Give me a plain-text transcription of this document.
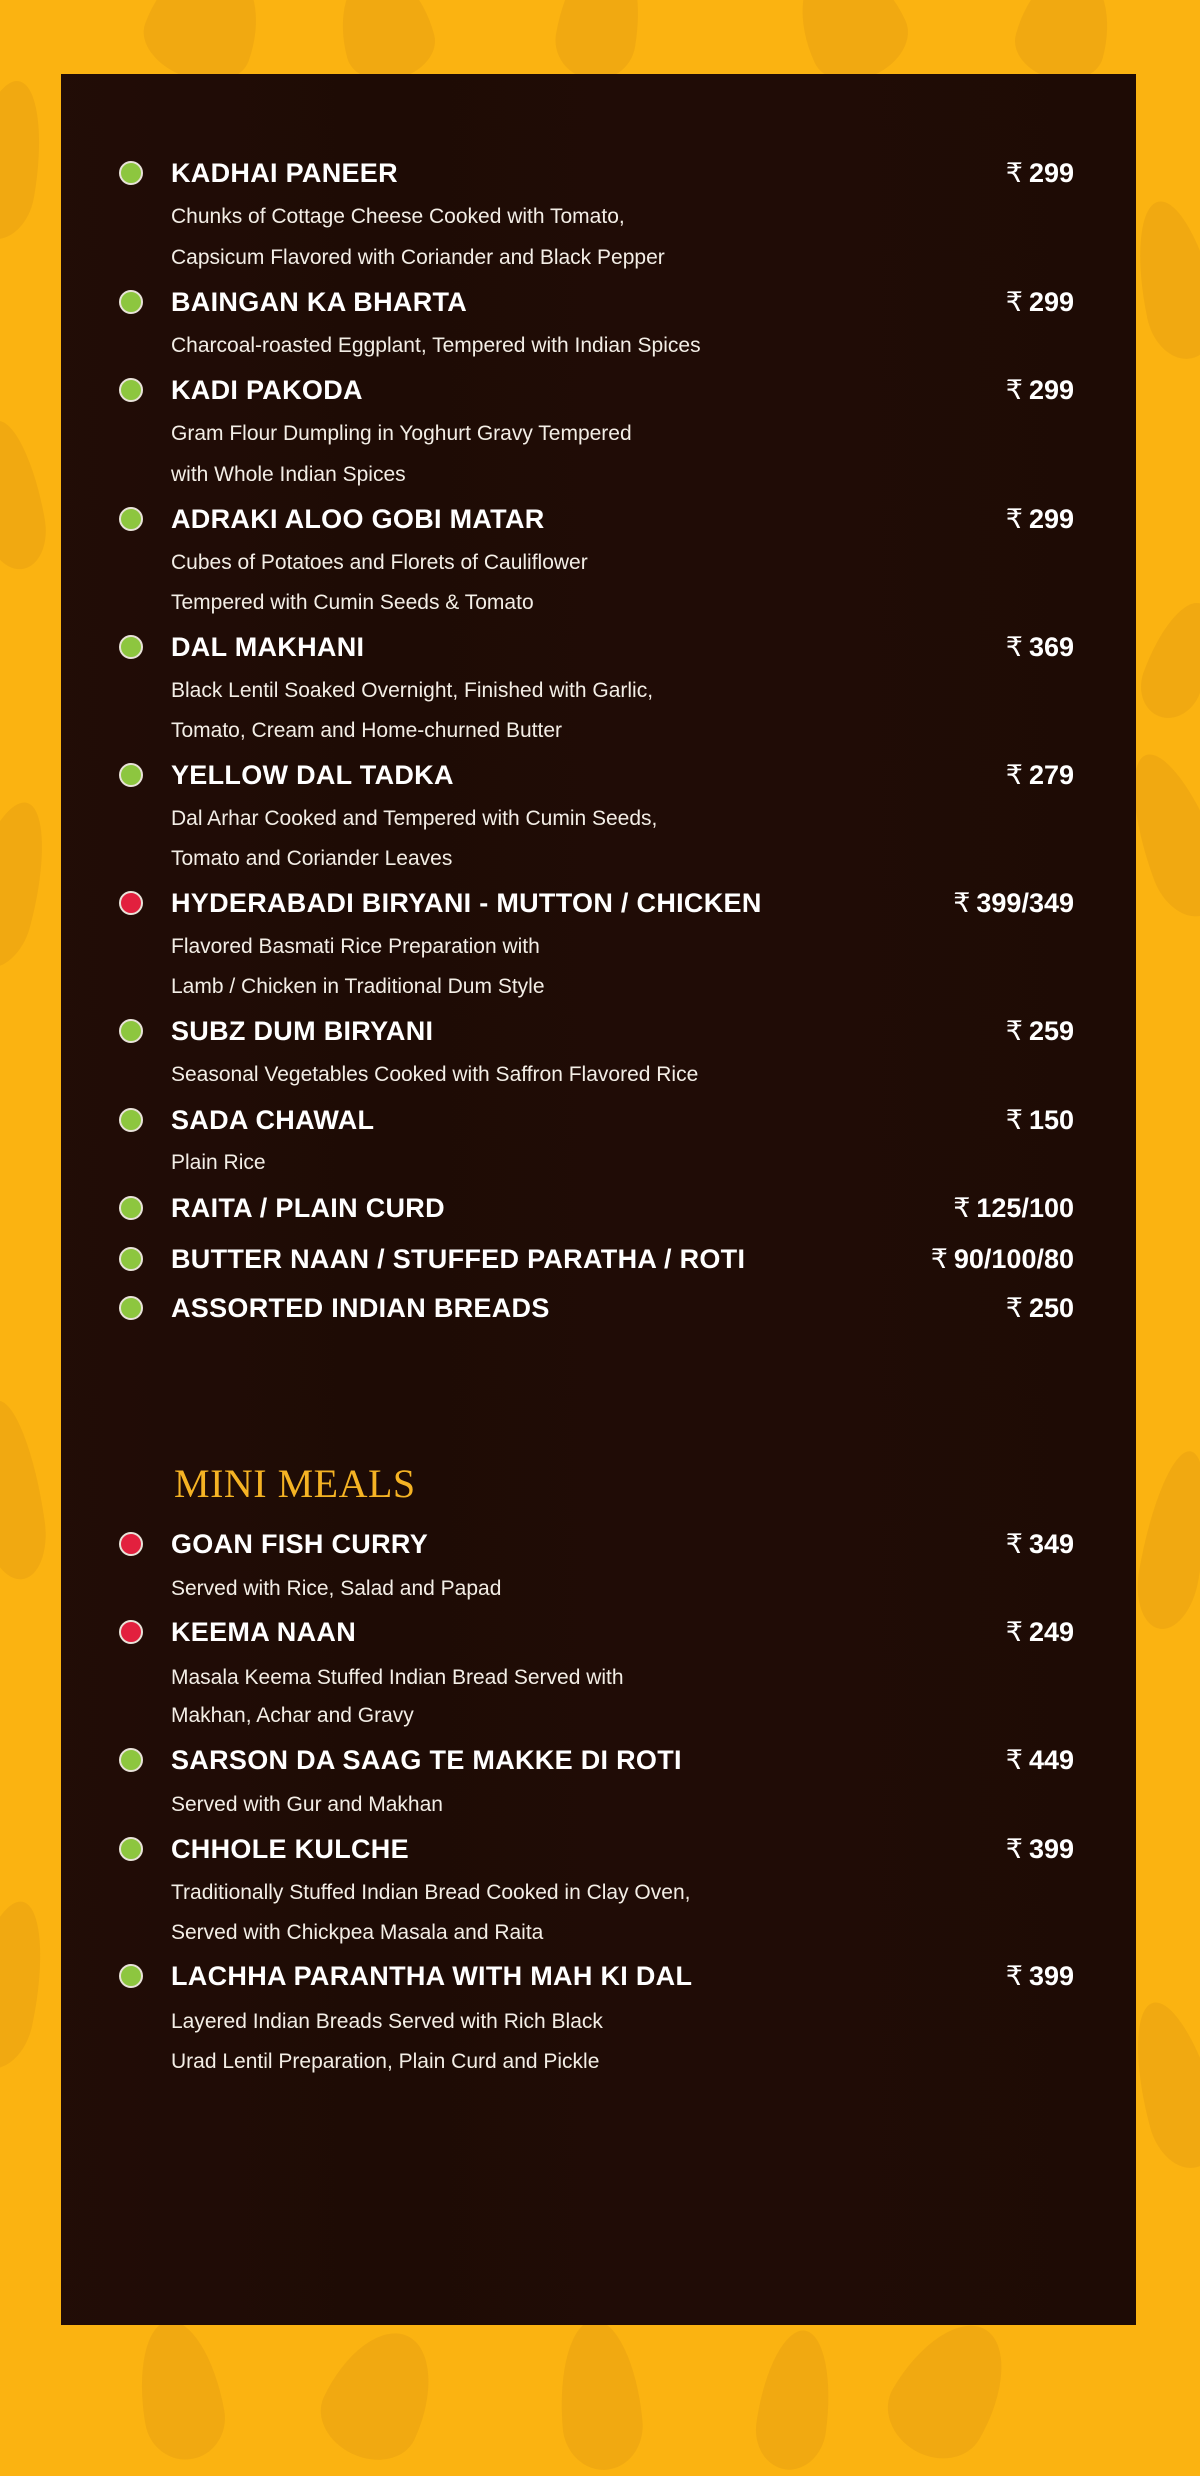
KADHAI PANEER	₹ 299
Chunks of Cottage Cheese Cooked with Tomato,
Capsicum Flavored with Coriander and Black Pepper
BAINGAN KA BHARTA	₹ 299
Charcoal-roasted Eggplant, Tempered with Indian Spices
KADI PAKODA	₹ 299
Gram Flour Dumpling in Yoghurt Gravy Tempered
with Whole Indian Spices
ADRAKI ALOO GOBI MATAR	₹ 299
Cubes of Potatoes and Florets of Cauliflower
Tempered with Cumin Seeds & Tomato
DAL MAKHANI	₹ 369
Black Lentil Soaked Overnight, Finished with Garlic,
Tomato, Cream and Home-churned Butter
YELLOW DAL TADKA	₹ 279
Dal Arhar Cooked and Tempered with Cumin Seeds,
Tomato and Coriander Leaves
HYDERABADI BIRYANI - MUTTON / CHICKEN	₹ 399/349
Flavored Basmati Rice Preparation with
Lamb / Chicken in Traditional Dum Style
SUBZ DUM BIRYANI	₹ 259
Seasonal Vegetables Cooked with Saffron Flavored Rice
SADA CHAWAL	₹ 150
Plain Rice
RAITA / PLAIN CURD	₹ 125/100
BUTTER NAAN / STUFFED PARATHA / ROTI	₹ 90/100/80
ASSORTED INDIAN BREADS	₹ 250
MINI MEALS
GOAN FISH CURRY	₹ 349
Served with Rice, Salad and Papad
KEEMA NAAN	₹ 249
Masala Keema Stuffed Indian Bread Served with
Makhan, Achar and Gravy
SARSON DA SAAG TE MAKKE DI ROTI	₹ 449
Served with Gur and Makhan
CHHOLE KULCHE	₹ 399
Traditionally Stuffed Indian Bread Cooked in Clay Oven,
Served with Chickpea Masala and Raita
LACHHA PARANTHA WITH MAH KI DAL	₹ 399
Layered Indian Breads Served with Rich Black
Urad Lentil Preparation, Plain Curd and Pickle
